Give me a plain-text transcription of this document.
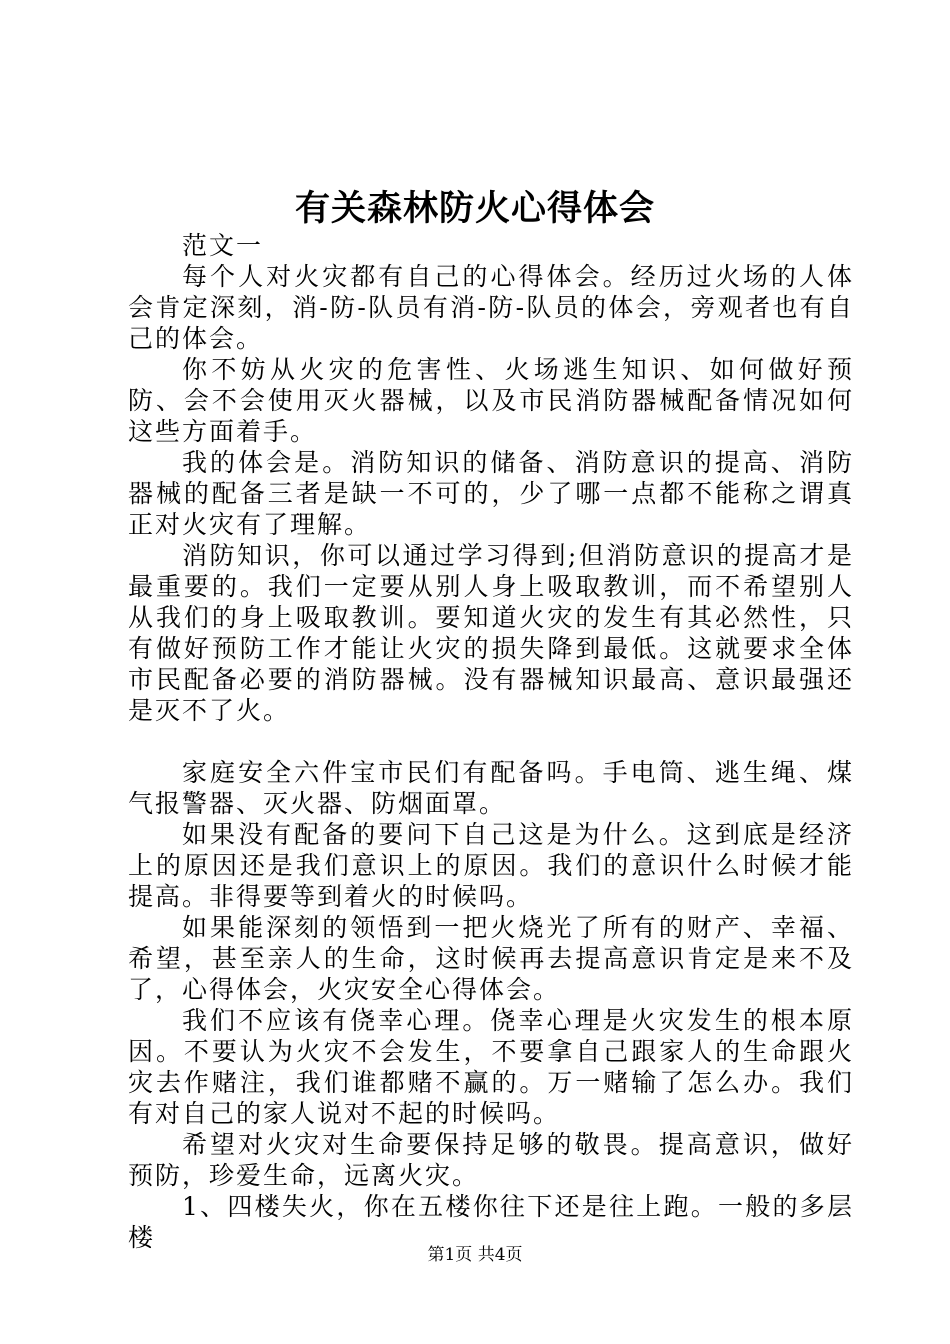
有关森林防火心得体会

范文一

每个人对火灾都有自己的心得体会。经历过火场的人体会肯定深刻，消-防-队员有消-防-队员的体会，旁观者也有自己的体会。

你不妨从火灾的危害性、火场逃生知识、如何做好预防、会不会使用灭火器械，以及市民消防器械配备情况如何这些方面着手。

我的体会是。消防知识的储备、消防意识的提高、消防器械的配备三者是缺一不可的，少了哪一点都不能称之谓真正对火灾有了理解。

消防知识，你可以通过学习得到;但消防意识的提高才是最重要的。我们一定要从别人身上吸取教训，而不希望别人从我们的身上吸取教训。要知道火灾的发生有其必然性，只有做好预防工作才能让火灾的损失降到最低。这就要求全体市民配备必要的消防器械。没有器械知识最高、意识最强还是灭不了火。

家庭安全六件宝市民们有配备吗。手电筒、逃生绳、煤气报警器、灭火器、防烟面罩。

如果没有配备的要问下自己这是为什么。这到底是经济上的原因还是我们意识上的原因。我们的意识什么时候才能提高。非得要等到着火的时候吗。

如果能深刻的领悟到一把火烧光了所有的财产、幸福、希望，甚至亲人的生命，这时候再去提高意识肯定是来不及了，心得体会，火灾安全心得体会。

我们不应该有侥幸心理。侥幸心理是火灾发生的根本原因。不要认为火灾不会发生，不要拿自己跟家人的生命跟火灾去作赌注，我们谁都赌不赢的。万一赌输了怎么办。我们有对自己的家人说对不起的时候吗。

希望对火灾对生命要保持足够的敬畏。提高意识，做好预防，珍爱生命，远离火灾。

1、四楼失火，你在五楼你往下还是往上跑。一般的多层楼

第1页 共4页
